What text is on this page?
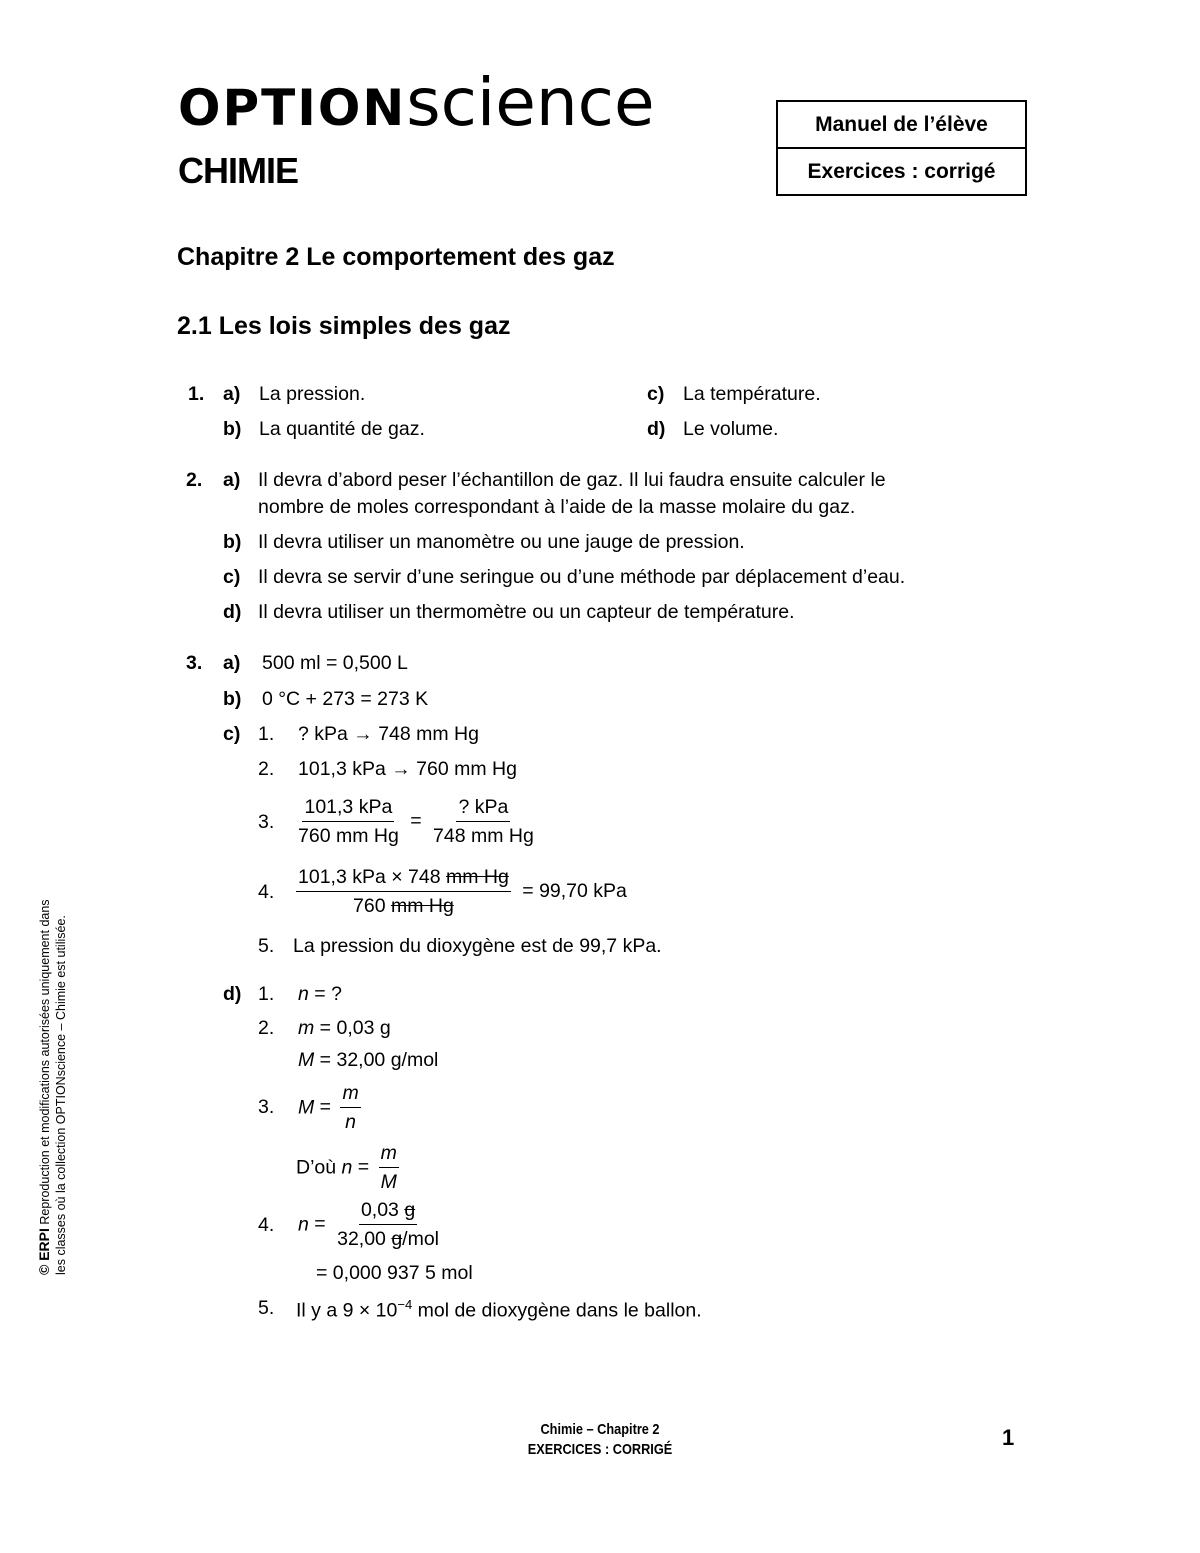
OPTIONscience
CHIMIE
Manuel de l’élève
Exercices : corrigé
Chapitre 2 Le comportement des gaz
2.1 Les lois simples des gaz
1. a) La pression.
b) La quantité de gaz.
c) La température.
d) Le volume.
2. a) Il devra d’abord peser l’échantillon de gaz. Il lui faudra ensuite calculer le
nombre de moles correspondant à l’aide de la masse molaire du gaz.
b) Il devra utiliser un manomètre ou une jauge de pression.
c) Il devra se servir d’une seringue ou d’une méthode par déplacement d’eau.
d) Il devra utiliser un thermomètre ou un capteur de température.
3. a) 500 ml = 0,500 L
b) 0 °C + 273 = 273 K
c) 1. ? kPa → 748 mm Hg
2. 101,3 kPa → 760 mm Hg
3. $\frac{\text{101,3 kPa}}{\text{760 mm Hg}} = \frac{\text{? kPa}}{\text{748 mm Hg}}$
4. $\frac{\text{101,3 kPa × 748 mm Hg}}{\text{760 mm Hg}} = 99,70$ kPa
5. La pression du dioxygène est de 99,7 kPa.
d) 1. n = ?
2. m = 0,03 g
M = 32,00 g/mol
3. $M = \frac{m}{n}$
D’où $n = \frac{m}{M}$
4. $n = \frac{0,03 g}{\text{32,00 g/mol}}$
= 0,000 937 5 mol
5. Il y a $9 \times 10^{-4}$ mol de dioxygène dans le ballon.
© ERPI Reproduction et modifications autorisées uniquement dans les classes où la collection OPTIONscience – Chimie est utilisée.
Chimie – Chapitre 2
EXERCICES : CORRIGÉ	1
